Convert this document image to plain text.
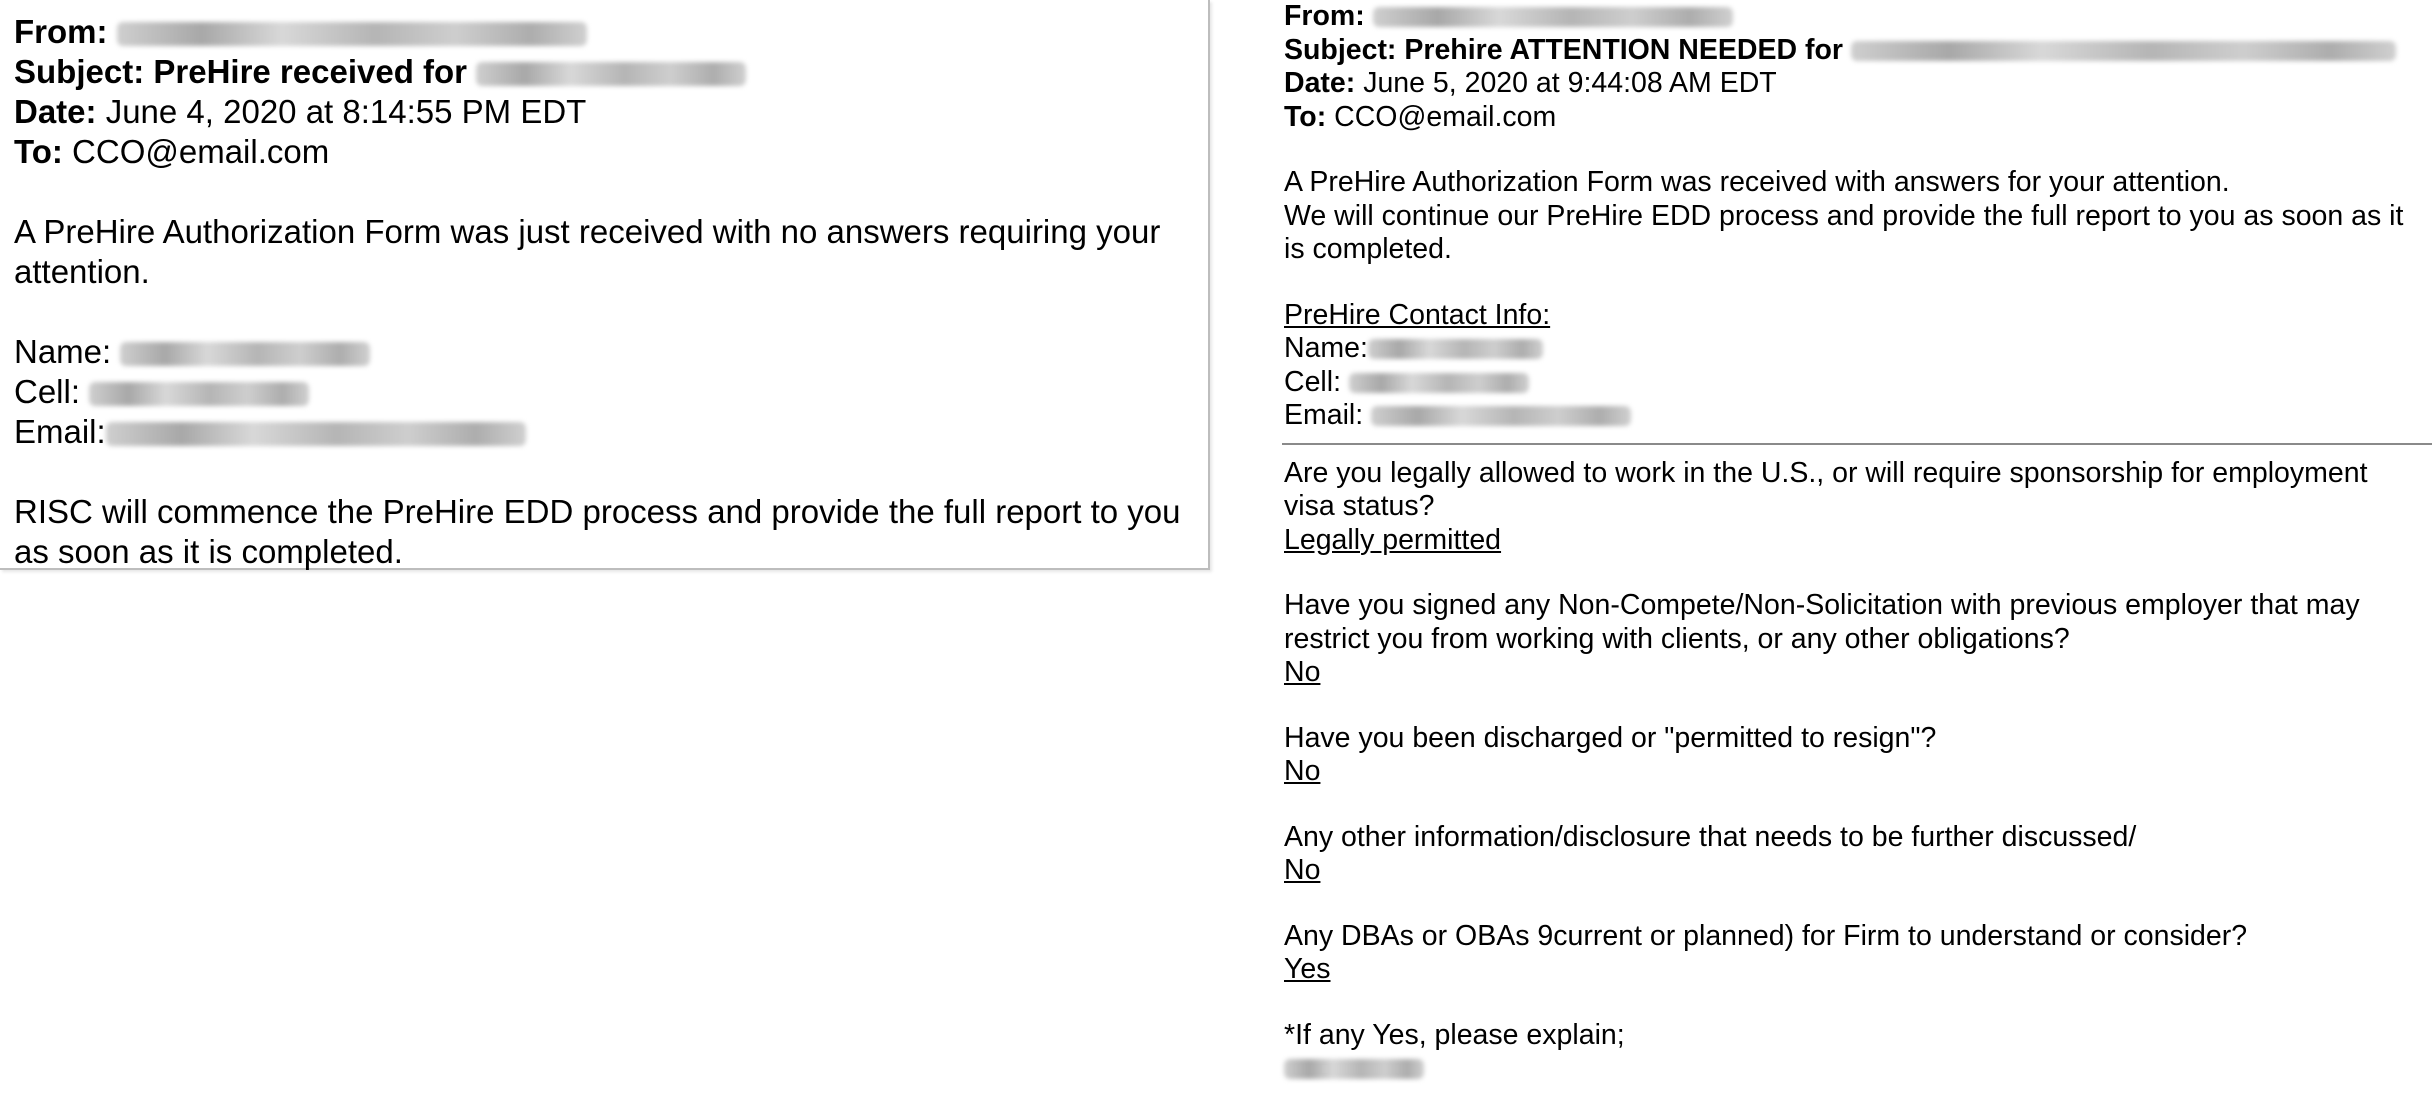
From:
Subject: PreHire received for
Date: June 4, 2020 at 8:14:55 PM EDT
To: CCO@email.com
A PreHire Authorization Form was just received with no answers requiring your
attention.
Name:
Cell:
Email:
RISC will commence the PreHire EDD process and provide the full report to you
as soon as it is completed.
From:
Subject: Prehire ATTENTION NEEDED for
Date: June 5, 2020 at 9:44:08 AM EDT
To: CCO@email.com
A PreHire Authorization Form was received with answers for your attention.
We will continue our PreHire EDD process and provide the full report to you as soon as it
is completed.
PreHire Contact Info:
Name:
Cell:
Email:
Are you legally allowed to work in the U.S., or will require sponsorship for employment
visa status?
Legally permitted
Have you signed any Non-Compete/Non-Solicitation with previous employer that may
restrict you from working with clients, or any other obligations?
No
Have you been discharged or "permitted to resign"?
No
Any other information/disclosure that needs to be further discussed/
No
Any DBAs or OBAs 9current or planned) for Firm to understand or consider?
Yes
*If any Yes, please explain;
